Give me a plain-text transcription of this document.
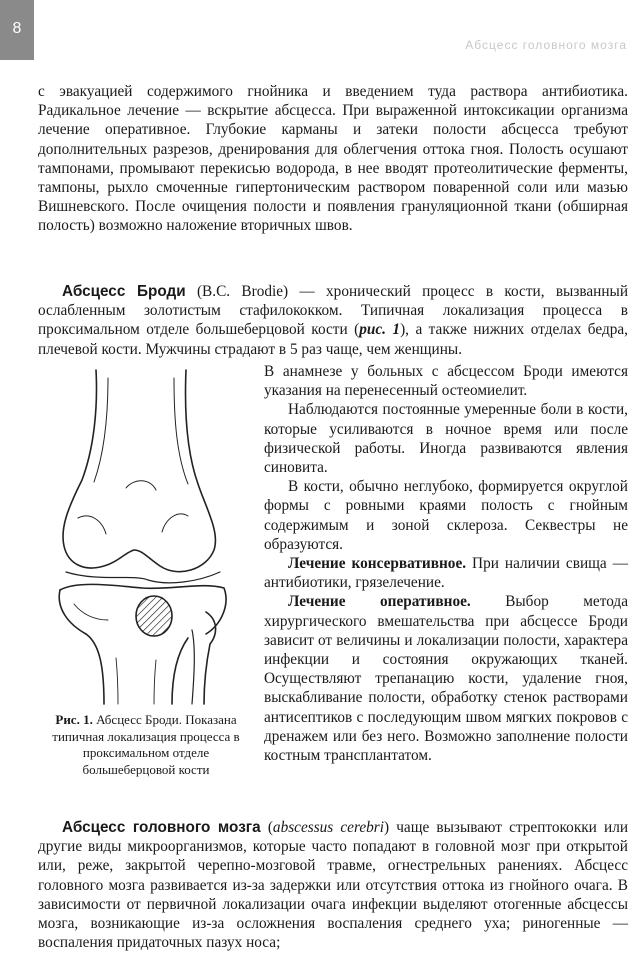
8
Абсцесс головного мозга

с эвакуацией содержимого гнойника и введением туда раствора антибиотика. Радикальное лечение — вскрытие абсцесса. При выраженной интоксикации организма лечение оперативное. Глубокие карманы и затеки полости абсцесса требуют дополнительных разрезов, дренирования для облегчения оттока гноя. Полость осушают тампонами, промывают перекисью водорода, в нее вводят протеолитические ферменты, тампоны, рыхло смоченные гипертоническим раствором поваренной соли или мазью Вишневского. После очищения полости и появления грануляционной ткани (обширная полость) возможно наложение вторичных швов.

Абсцесс Броди (B.C. Brodie) — хронический процесс в кости, вызванный ослабленным золотистым стафилококком. Типичная локализация процесса в проксимальном отделе большеберцовой кости (рис. 1), а также нижних отделах бедра, плечевой кости. Мужчины страдают в 5 раз чаще, чем женщины.

Рис. 1. Абсцесс Броди. Показана типичная локализация процесса в проксимальном отделе большеберцовой кости

В анамнезе у больных с абсцессом Броди имеются указания на перенесенный остеомиелит.

Наблюдаются постоянные умеренные боли в кости, которые усиливаются в ночное время или после физической работы. Иногда развиваются явления синовита.

В кости, обычно неглубоко, формируется округлой формы с ровными краями полость с гнойным содержимым и зоной склероза. Секвестры не образуются.

Лечение консервативное. При наличии свища — антибиотики, грязелечение.

Лечение оперативное. Выбор метода хирургического вмешательства при абсцессе Броди зависит от величины и локализации полости, характера инфекции и состояния окружающих тканей. Осуществляют трепанацию кости, удаление гноя, выскабливание полости, обработку стенок растворами антисептиков с последующим швом мягких покровов с дренажем или без него. Возможно заполнение полости костным трансплантатом.

Абсцесс головного мозга (abscessus cerebri) чаще вызывают стрептококки или другие виды микроорганизмов, которые часто попадают в головной мозг при открытой или, реже, закрытой черепно-мозговой травме, огнестрельных ранениях. Абсцесс головного мозга развивается из-за задержки или отсутствия оттока из гнойного очага. В зависимости от первичной локализации очага инфекции выделяют отогенные абсцессы мозга, возникающие из-за осложнения воспаления среднего уха; риногенные — воспаления придаточных пазух носа;
